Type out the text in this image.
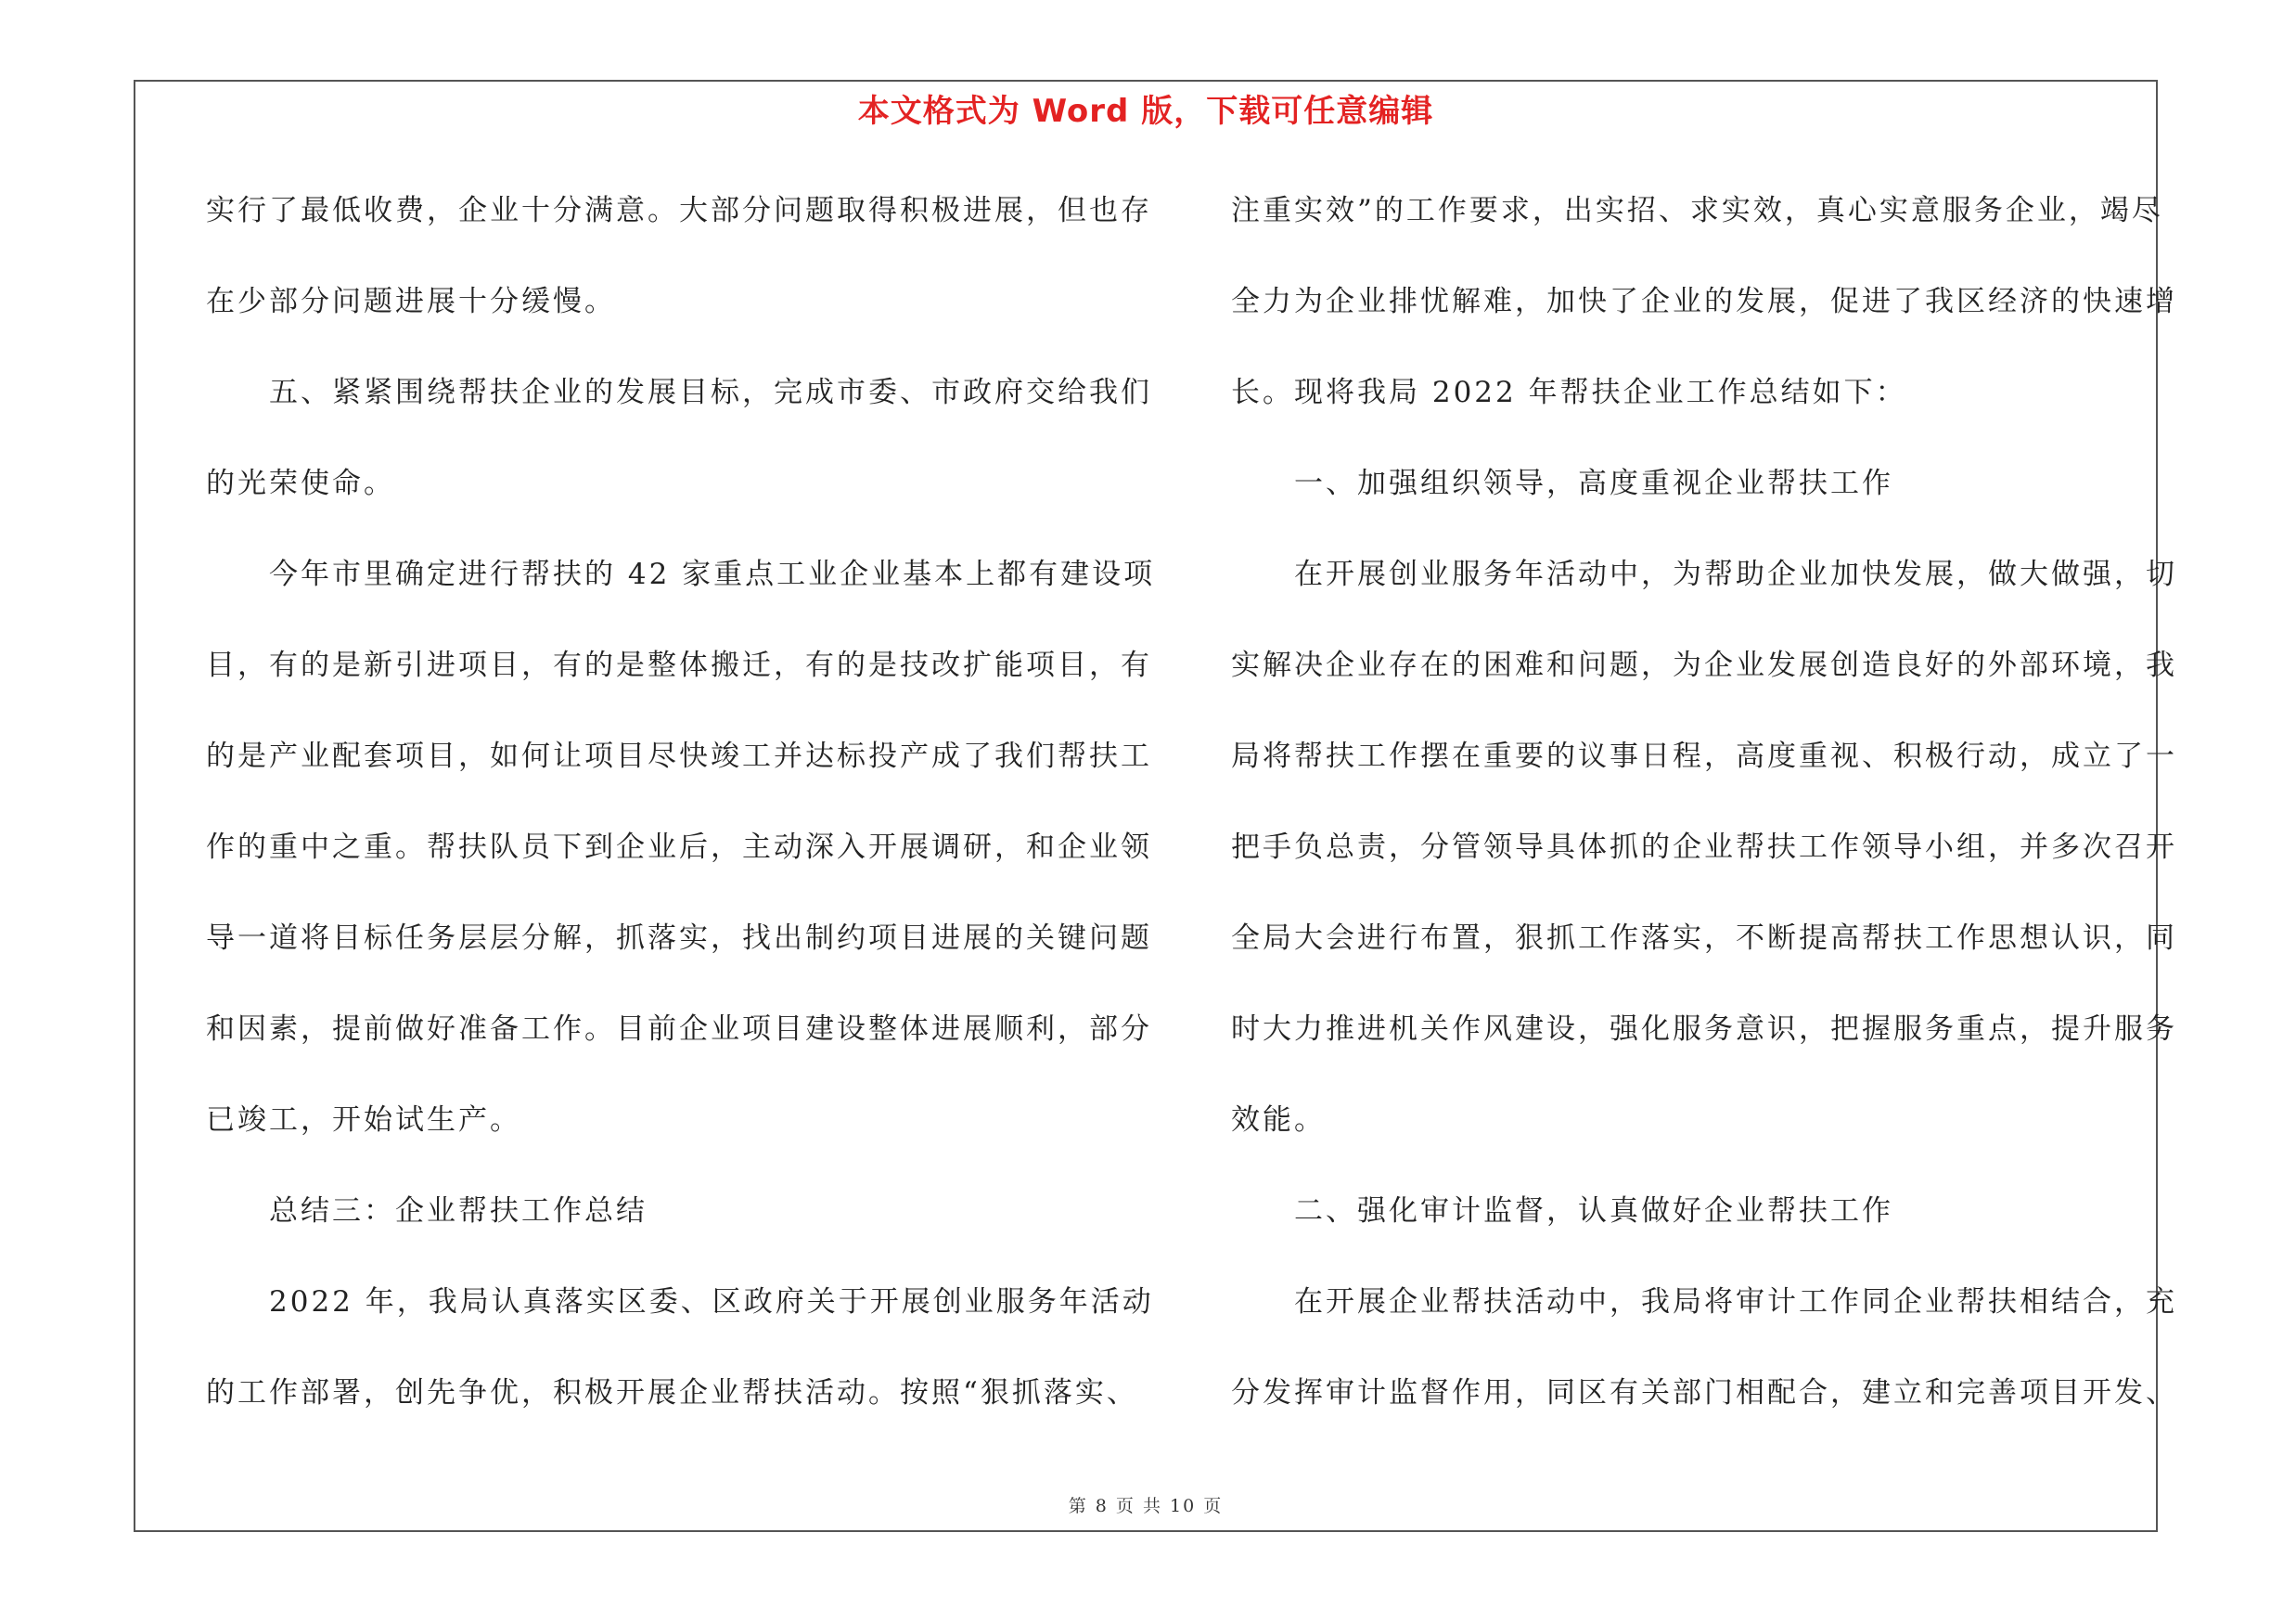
本文格式为 Word 版，下载可任意编辑
实行了最低收费，企业十分满意。大部分问题取得积极进展，但也存
在少部分问题进展十分缓慢。
　　五、紧紧围绕帮扶企业的发展目标，完成市委、市政府交给我们
的光荣使命。
　　今年市里确定进行帮扶的 42 家重点工业企业基本上都有建设项
目，有的是新引进项目，有的是整体搬迁，有的是技改扩能项目，有
的是产业配套项目，如何让项目尽快竣工并达标投产成了我们帮扶工
作的重中之重。帮扶队员下到企业后，主动深入开展调研，和企业领
导一道将目标任务层层分解，抓落实，找出制约项目进展的关键问题
和因素，提前做好准备工作。目前企业项目建设整体进展顺利，部分
已竣工，开始试生产。
　　总结三：企业帮扶工作总结
　　2022 年，我局认真落实区委、区政府关于开展创业服务年活动
的工作部署，创先争优，积极开展企业帮扶活动。按照“狠抓落实、
注重实效”的工作要求，出实招、求实效，真心实意服务企业，竭尽
全力为企业排忧解难，加快了企业的发展，促进了我区经济的快速增
长。现将我局 2022 年帮扶企业工作总结如下：
　　一、加强组织领导，高度重视企业帮扶工作
　　在开展创业服务年活动中，为帮助企业加快发展，做大做强，切
实解决企业存在的困难和问题，为企业发展创造良好的外部环境，我
局将帮扶工作摆在重要的议事日程，高度重视、积极行动，成立了一
把手负总责，分管领导具体抓的企业帮扶工作领导小组，并多次召开
全局大会进行布置，狠抓工作落实，不断提高帮扶工作思想认识，同
时大力推进机关作风建设，强化服务意识，把握服务重点，提升服务
效能。
　　二、强化审计监督，认真做好企业帮扶工作
　　在开展企业帮扶活动中，我局将审计工作同企业帮扶相结合，充
分发挥审计监督作用，同区有关部门相配合，建立和完善项目开发、
第 8 页 共 10 页
